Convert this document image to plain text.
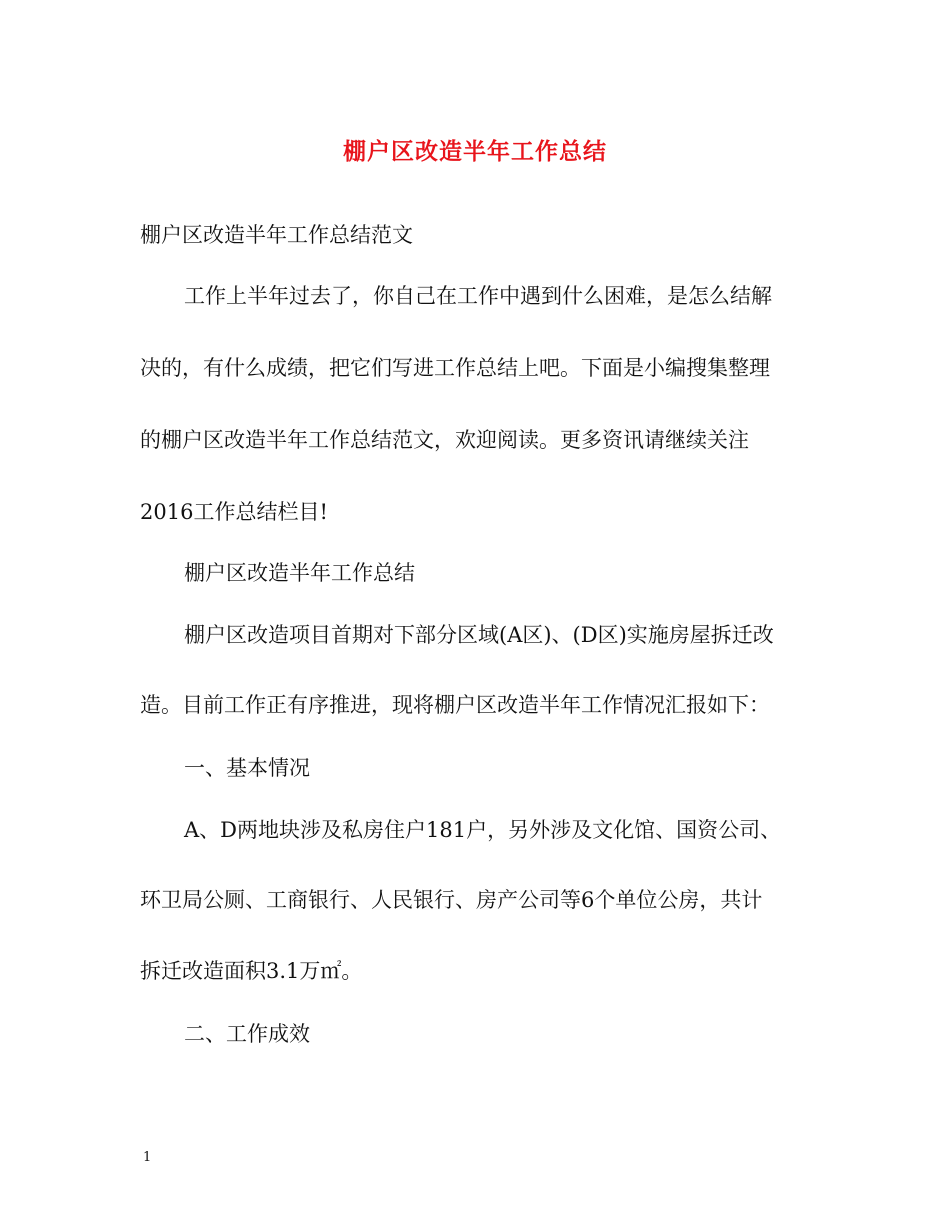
棚户区改造半年工作总结
棚户区改造半年工作总结范文
工作上半年过去了，你自己在工作中遇到什么困难，是怎么结解
决的，有什么成绩，把它们写进工作总结上吧。下面是小编搜集整理
的棚户区改造半年工作总结范文，欢迎阅读。更多资讯请继续关注
2016工作总结栏目!
棚户区改造半年工作总结
棚户区改造项目首期对下部分区域(A区)、(D区)实施房屋拆迁改
造。目前工作正有序推进，现将棚户区改造半年工作情况汇报如下：
一、基本情况
A、D两地块涉及私房住户181户，另外涉及文化馆、国资公司、
环卫局公厕、工商银行、人民银行、房产公司等6个单位公房，共计
拆迁改造面积3.1万㎡。
二、工作成效
1
